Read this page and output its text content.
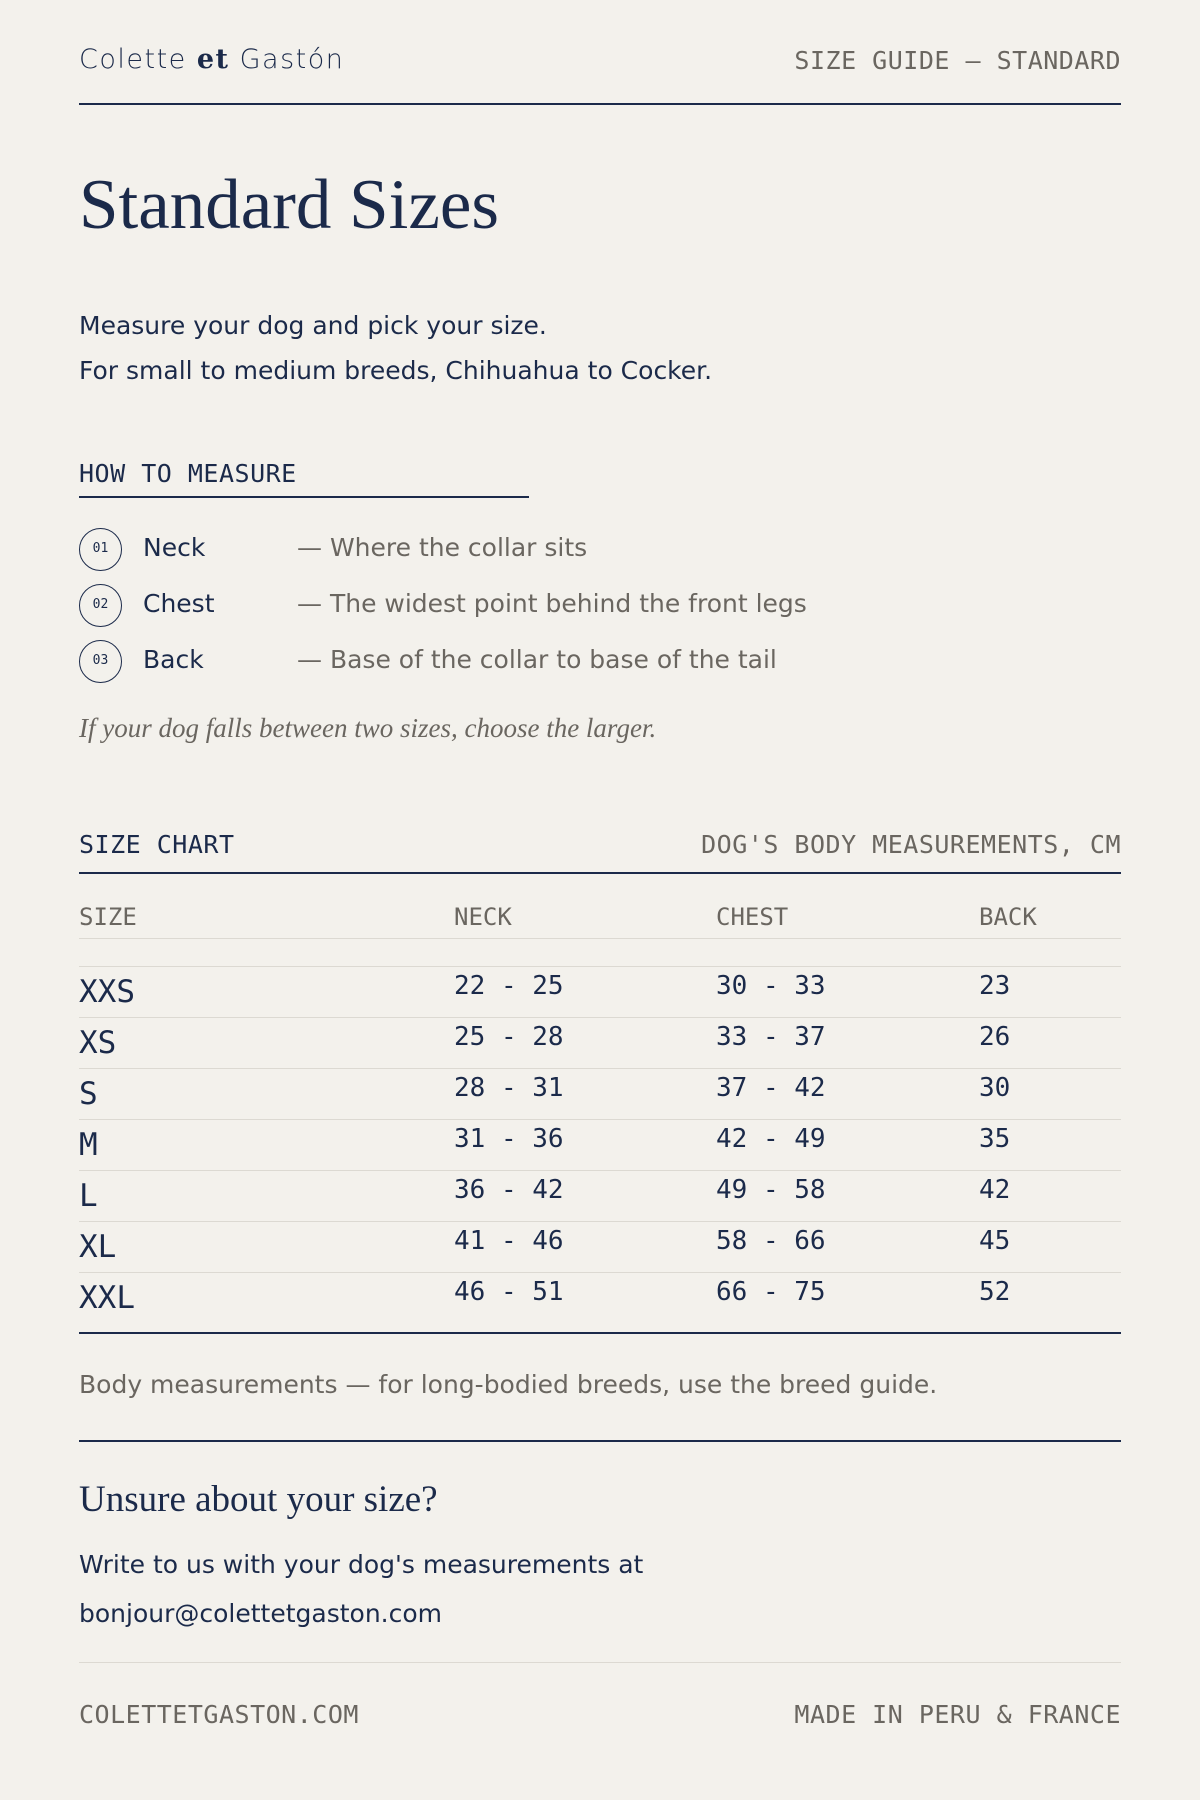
Colette et Gastón	SIZE GUIDE — STANDARD
Standard Sizes
Measure your dog and pick your size.
For small to medium breeds, Chihuahua to Cocker.
HOW TO MEASURE
01	Neck	— Where the collar sits
02	Chest	— The widest point behind the front legs
03	Back	— Base of the collar to base of the tail
If your dog falls between two sizes, choose the larger.
SIZE CHART	DOG'S BODY MEASUREMENTS, CM
SIZE	NECK	CHEST	BACK
XXS	22 - 25	30 - 33	23
XS	25 - 28	33 - 37	26
S	28 - 31	37 - 42	30
M	31 - 36	42 - 49	35
L	36 - 42	49 - 58	42
XL	41 - 46	58 - 66	45
XXL	46 - 51	66 - 75	52
Body measurements — for long-bodied breeds, use the breed guide.
Unsure about your size?
Write to us with your dog's measurements at
bonjour@colettetgaston.com
COLETTETGASTON.COM	MADE IN PERU & FRANCE
